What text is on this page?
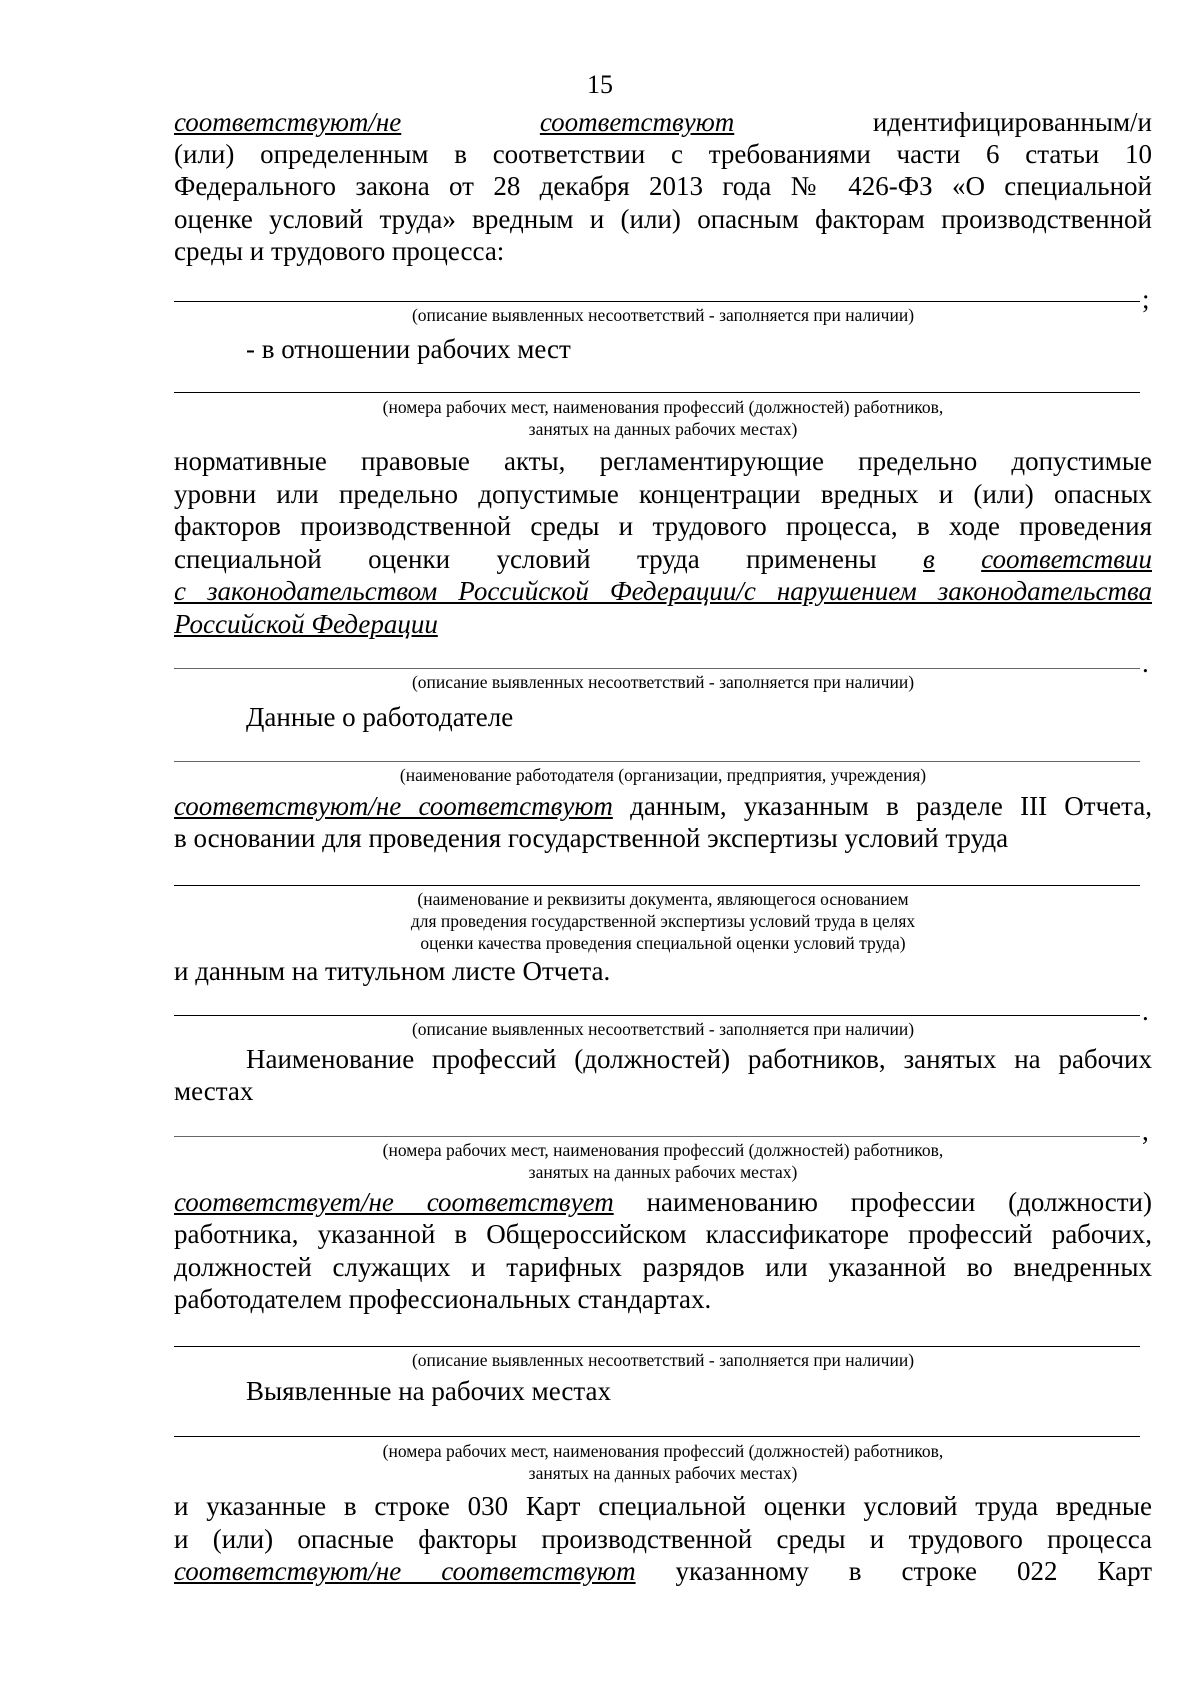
15
соответствуют/не	соответствуют	идентифицированным/и
(или) определенным в соответствии с требованиями части 6 статьи 10
Федерального закона от 28 декабря 2013 года № 426-ФЗ «О специальной
оценке условий труда» вредным и (или) опасным факторам производственной
среды и трудового процесса:
;
(описание выявленных несоответствий - заполняется при наличии)
- в отношении рабочих мест
(номера рабочих мест, наименования профессий (должностей) работников,
занятых на данных рабочих местах)
нормативные правовые акты, регламентирующие предельно допустимые
уровни или предельно допустимые концентрации вредных и (или) опасных
факторов производственной среды и трудового процесса, в ходе проведения
специальной оценки условий труда применены в соответствии
с законодательством Российской Федерации/с нарушением законодательства
Российской Федерации
.
(описание выявленных несоответствий - заполняется при наличии)
Данные о работодателе
(наименование работодателя (организации, предприятия, учреждения)
соответствуют/не соответствуют данным, указанным в разделе III Отчета,
в основании для проведения государственной экспертизы условий труда
(наименование и реквизиты документа, являющегося основанием
для проведения государственной экспертизы условий труда в целях
оценки качества проведения специальной оценки условий труда)
и данным на титульном листе Отчета.
.
(описание выявленных несоответствий - заполняется при наличии)
Наименование профессий (должностей) работников, занятых на рабочих
местах
,
(номера рабочих мест, наименования профессий (должностей) работников,
занятых на данных рабочих местах)
соответствует/не соответствует наименованию профессии (должности)
работника, указанной в Общероссийском классификаторе профессий рабочих,
должностей служащих и тарифных разрядов или указанной во внедренных
работодателем профессиональных стандартах.
(описание выявленных несоответствий - заполняется при наличии)
Выявленные на рабочих местах
(номера рабочих мест, наименования профессий (должностей) работников,
занятых на данных рабочих местах)
и указанные в строке 030 Карт специальной оценки условий труда вредные
и (или) опасные факторы производственной среды и трудового процесса
соответствуют/не соответствуют указанному в строке 022 Карт
